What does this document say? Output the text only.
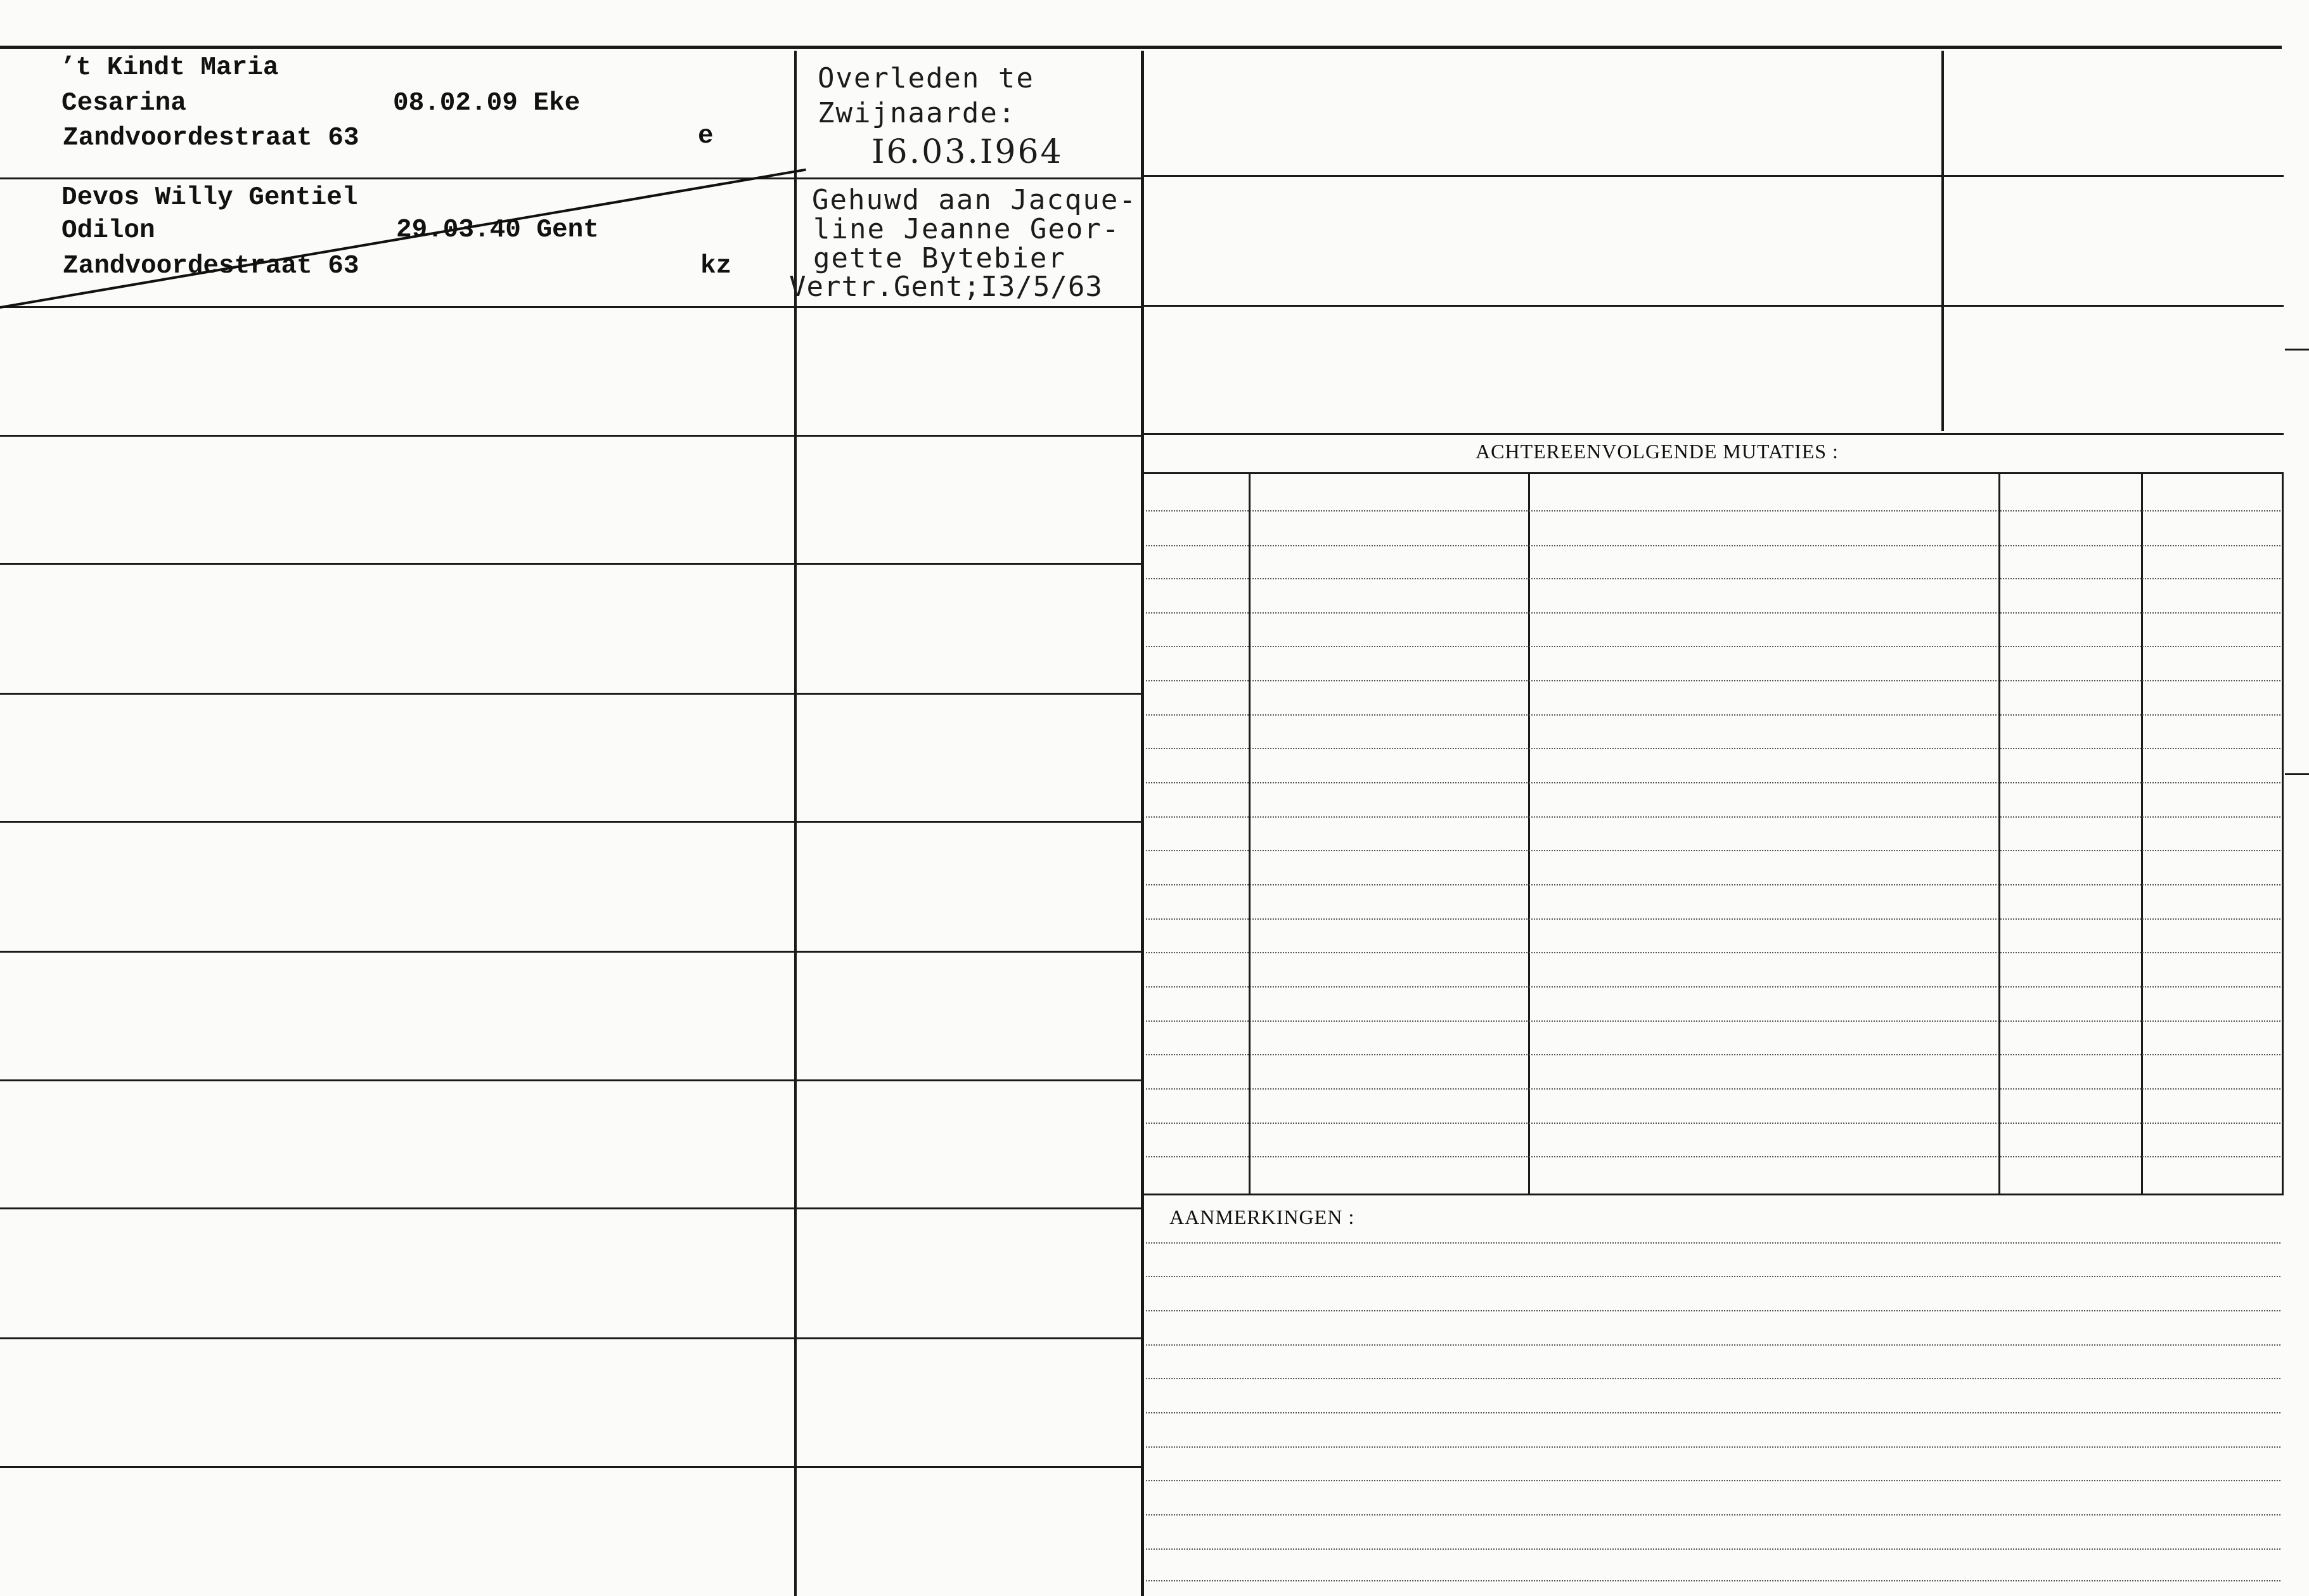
ACHTEREENVOLGENDE MUTATIES :
AANMERKINGEN :
’t Kindt Maria
Cesarina	08.02.09 Eke
Zandvoordestraat 63	e
Overleden te
Zwijnaarde:
I6.03.I964
Devos Willy Gentiel
Odilon	29.03.40 Gent
Zandvoordestraat 63	kz
Gehuwd aan Jacque-
line Jeanne Geor-
gette Bytebier
Vertr.Gent;I3/5/63
